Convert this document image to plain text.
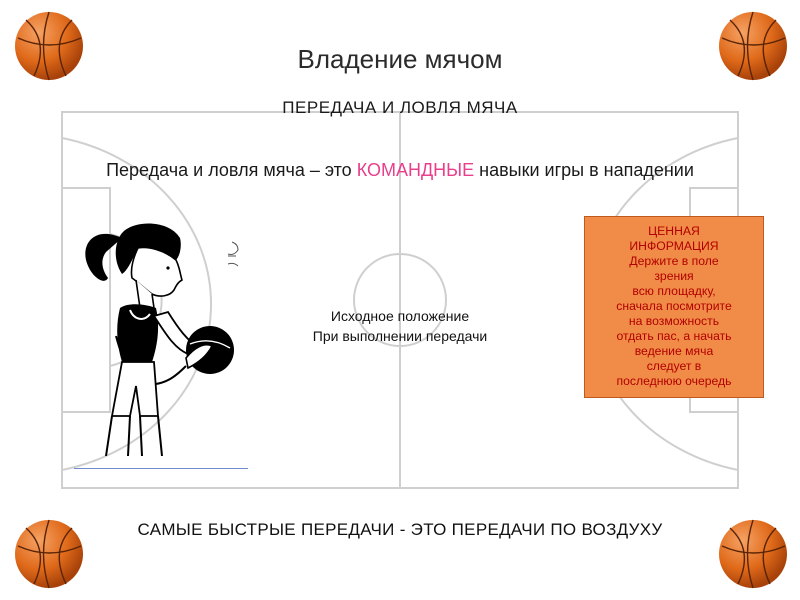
Владение мячом
ПЕРЕДАЧА И ЛОВЛЯ МЯЧА
Передача и ловля мяча – это КОМАНДНЫЕ навыки игры в нападении
Исходное положение
При выполнении передачи
ЦЕННАЯ
ИНФОРМАЦИЯ
Держите в поле
зрения
всю площадку,
сначала посмотрите
на возможность
отдать пас, а начать
ведение мяча
следует в
последнюю очередь
САМЫЕ БЫСТРЫЕ ПЕРЕДАЧИ - ЭТО ПЕРЕДАЧИ ПО ВОЗДУХУ
